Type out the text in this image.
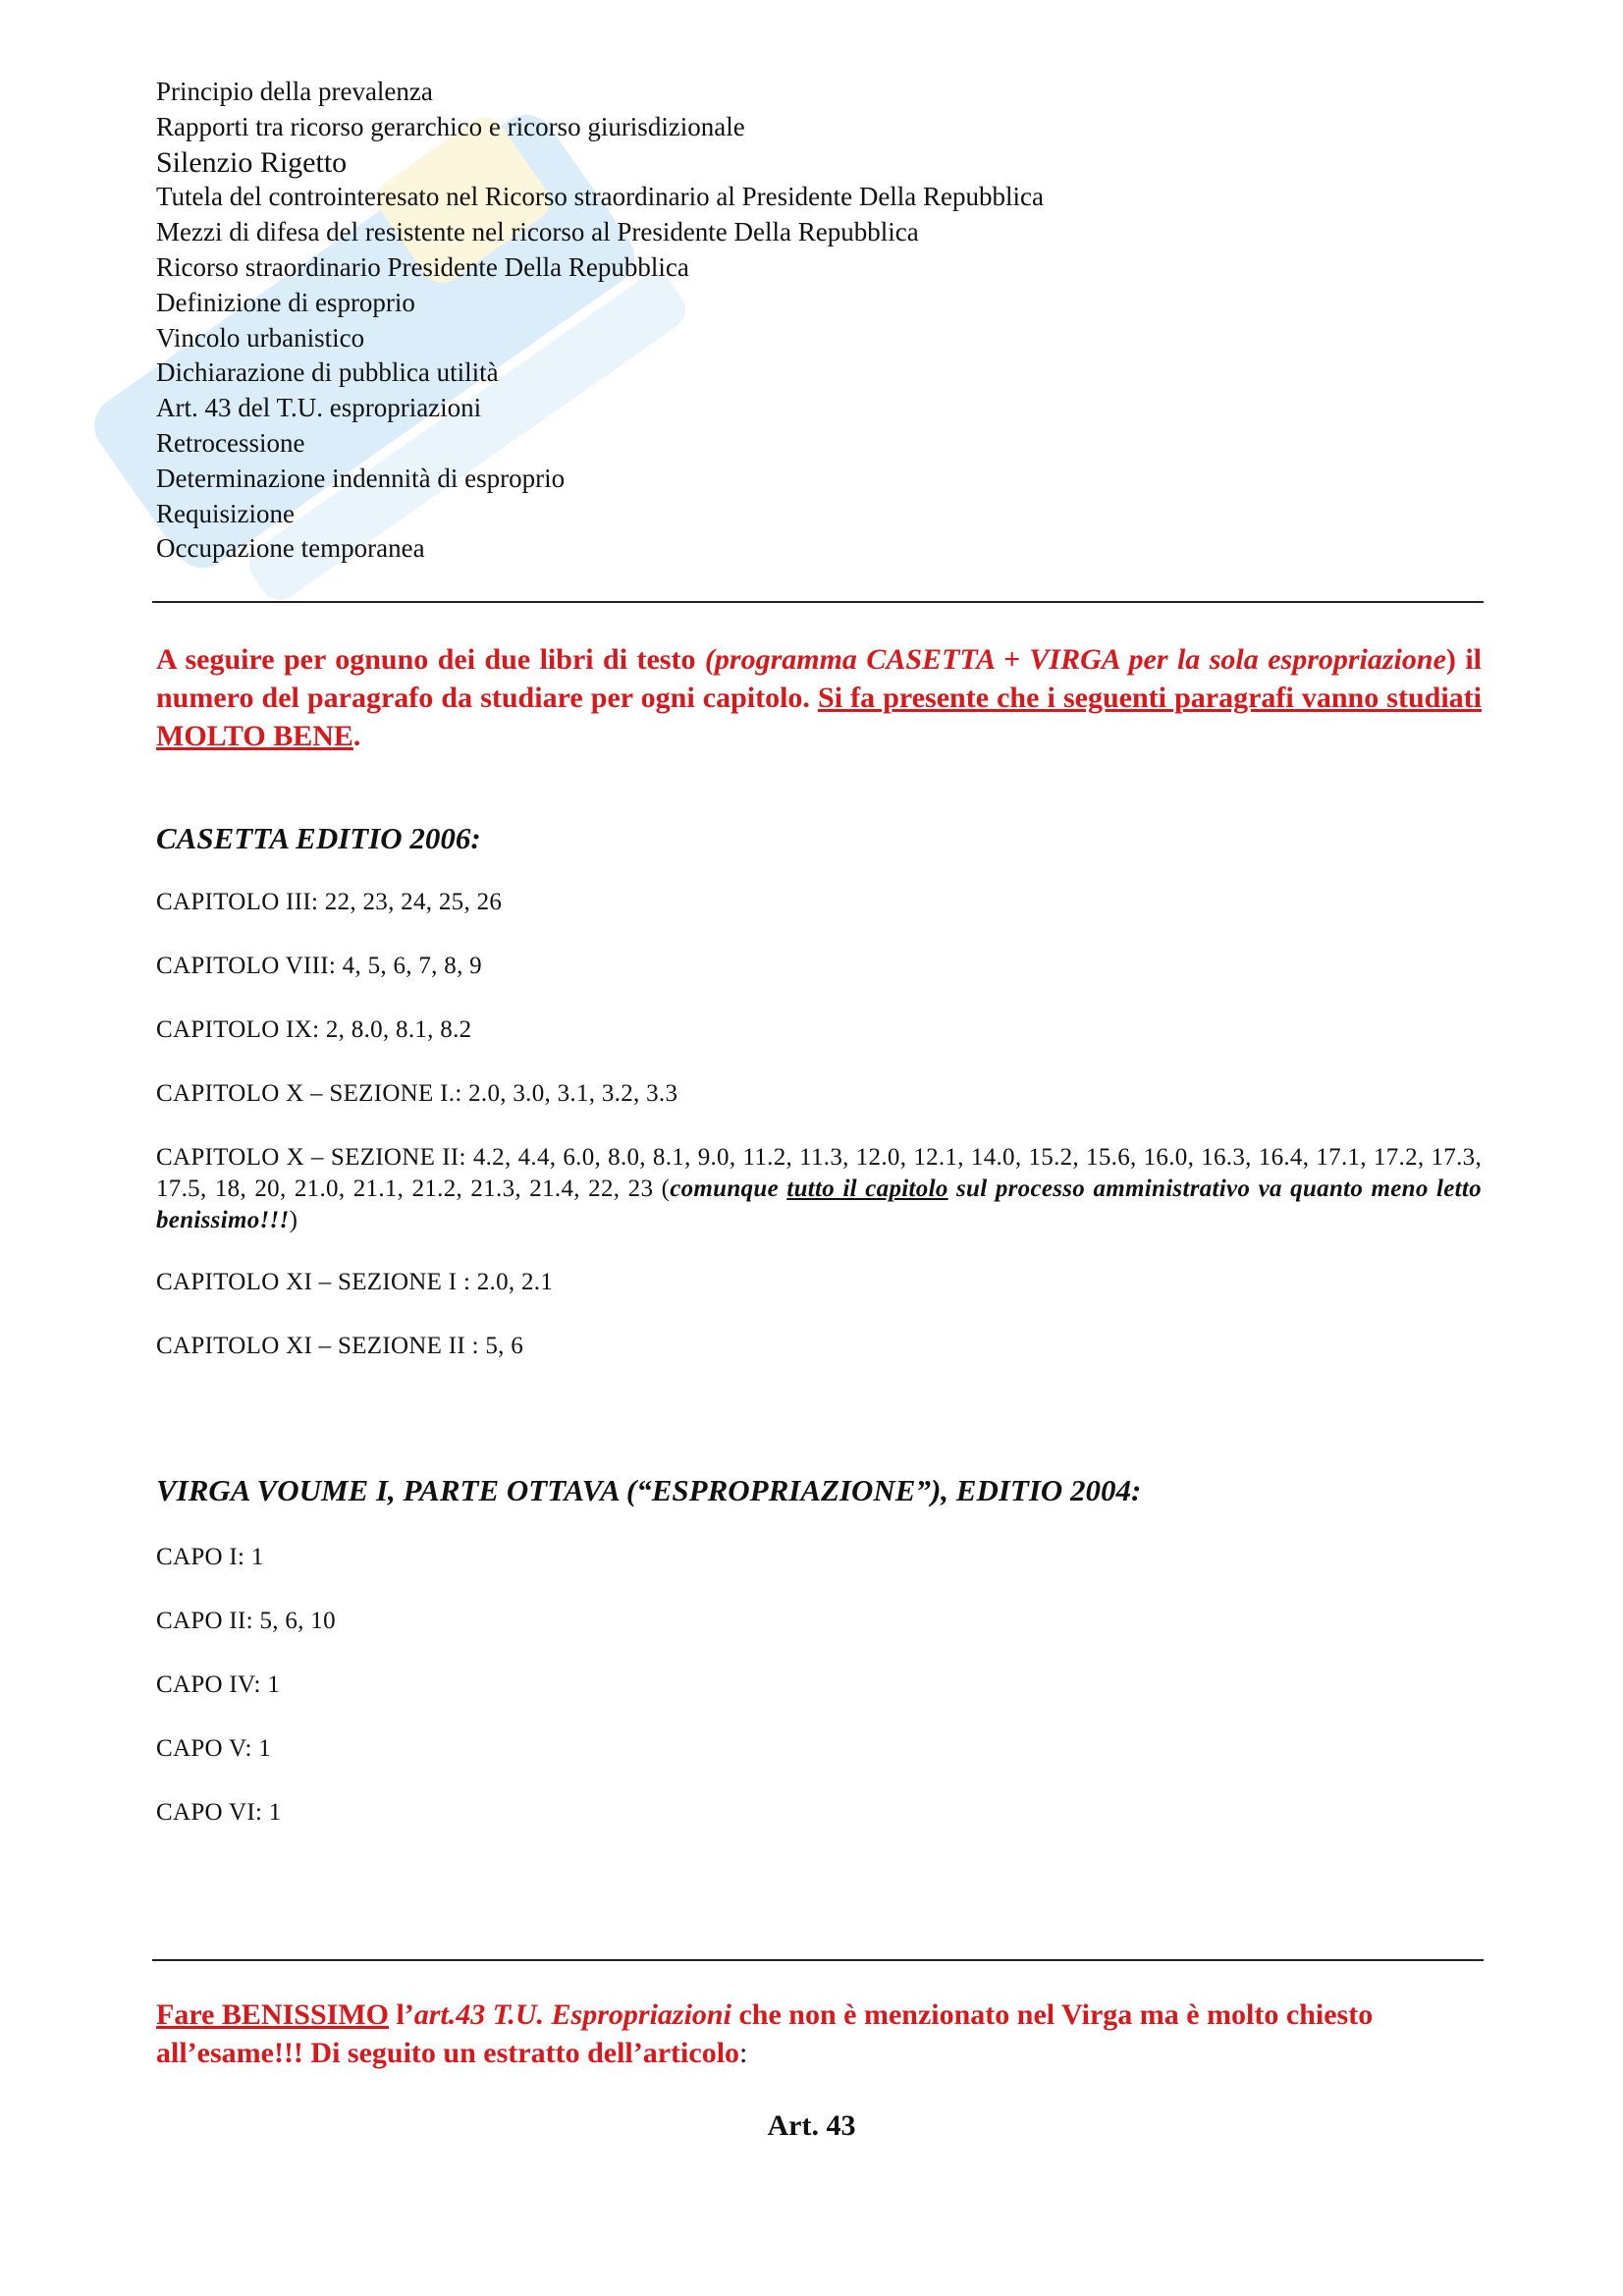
Principio della prevalenza
Rapporti tra ricorso gerarchico e ricorso giurisdizionale
Silenzio Rigetto
Tutela del controinteresato nel Ricorso straordinario al Presidente Della Repubblica
Mezzi di difesa del resistente nel ricorso al Presidente Della Repubblica
Ricorso straordinario Presidente Della Repubblica
Definizione di esproprio
Vincolo urbanistico
Dichiarazione di pubblica utilità
Art. 43 del T.U. espropriazioni
Retrocessione
Determinazione indennità di esproprio
Requisizione
Occupazione temporanea
A seguire per ognuno dei due libri di testo (programma CASETTA + VIRGA per la sola espropriazione) il numero del paragrafo da studiare per ogni capitolo. Si fa presente che i seguenti paragrafi vanno studiati MOLTO BENE.
CASETTA EDITIO 2006:
CAPITOLO III: 22, 23, 24, 25, 26
CAPITOLO VIII: 4, 5, 6, 7, 8, 9
CAPITOLO IX: 2, 8.0, 8.1, 8.2
CAPITOLO X – SEZIONE I.: 2.0, 3.0, 3.1, 3.2, 3.3
CAPITOLO X – SEZIONE II: 4.2, 4.4, 6.0, 8.0, 8.1, 9.0, 11.2, 11.3, 12.0, 12.1, 14.0, 15.2, 15.6, 16.0, 16.3, 16.4, 17.1, 17.2, 17.3, 17.5, 18, 20, 21.0, 21.1, 21.2, 21.3, 21.4, 22, 23 (comunque tutto il capitolo sul processo amministrativo va quanto meno letto benissimo!!!)
CAPITOLO XI – SEZIONE I : 2.0, 2.1
CAPITOLO XI – SEZIONE II : 5, 6
VIRGA VOUME I, PARTE OTTAVA (“ESPROPRIAZIONE”), EDITIO 2004:
CAPO I: 1
CAPO II: 5, 6, 10
CAPO IV: 1
CAPO V: 1
CAPO VI: 1
Fare BENISSIMO l’art.43 T.U. Espropriazioni che non è menzionato nel Virga ma è molto chiesto all’esame!!! Di seguito un estratto dell’articolo:
Art. 43
